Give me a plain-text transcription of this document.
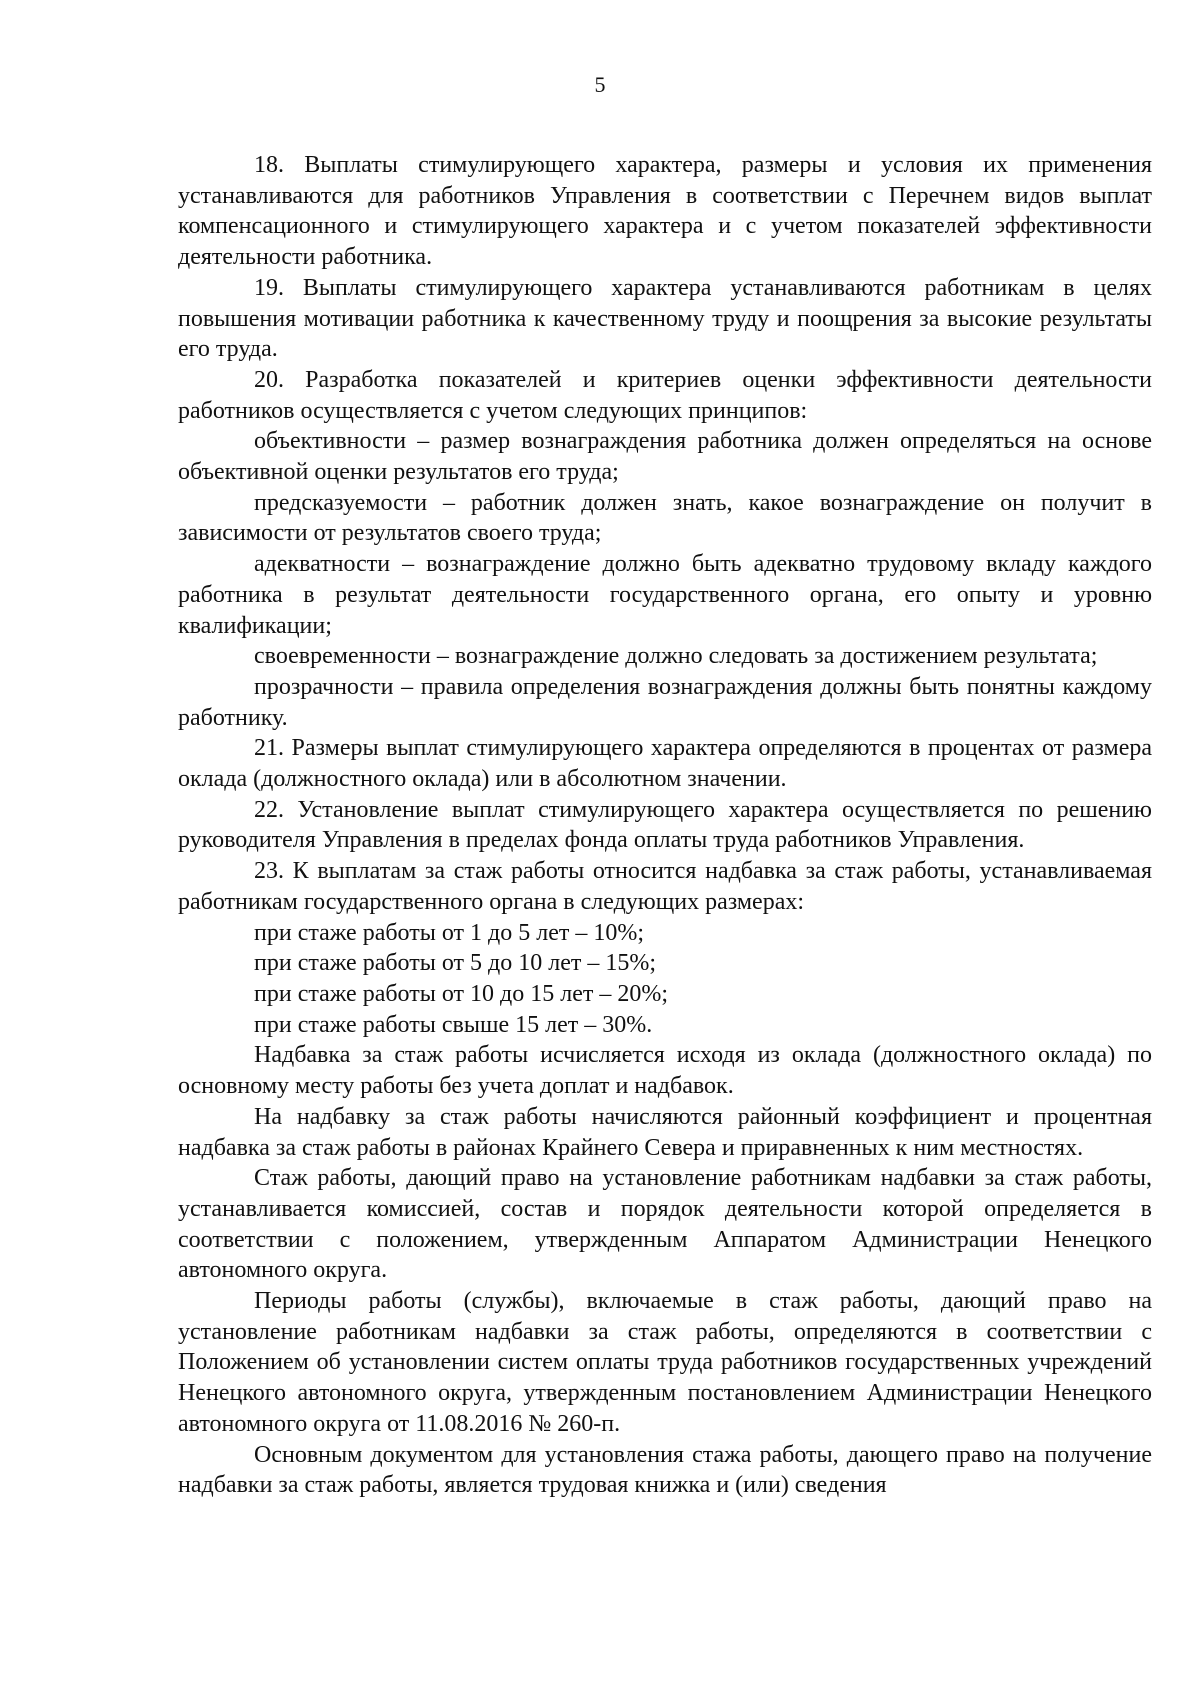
5

18. Выплаты стимулирующего характера, размеры и условия их применения устанавливаются для работников Управления в соответствии с Перечнем видов выплат компенсационного и стимулирующего характера и с учетом показателей эффективности деятельности работника.

19. Выплаты стимулирующего характера устанавливаются работникам в целях повышения мотивации работника к качественному труду и поощрения за высокие результаты его труда.

20. Разработка показателей и критериев оценки эффективности деятельности работников осуществляется с учетом следующих принципов:

объективности – размер вознаграждения работника должен определяться на основе объективной оценки результатов его труда;

предсказуемости – работник должен знать, какое вознаграждение он получит в зависимости от результатов своего труда;

адекватности – вознаграждение должно быть адекватно трудовому вкладу каждого работника в результат деятельности государственного органа, его опыту и уровню квалификации;

своевременности – вознаграждение должно следовать за достижением результата;

прозрачности – правила определения вознаграждения должны быть понятны каждому работнику.

21. Размеры выплат стимулирующего характера определяются в процентах от размера оклада (должностного оклада) или в абсолютном значении.

22. Установление выплат стимулирующего характера осуществляется по решению руководителя Управления в пределах фонда оплаты труда работников Управления.

23. К выплатам за стаж работы относится надбавка за стаж работы, устанавливаемая работникам государственного органа в следующих размерах:

при стаже работы от 1 до 5 лет – 10%;

при стаже работы от 5 до 10 лет – 15%;

при стаже работы от 10 до 15 лет – 20%;

при стаже работы свыше 15 лет – 30%.

Надбавка за стаж работы исчисляется исходя из оклада (должностного оклада) по основному месту работы без учета доплат и надбавок.

На надбавку за стаж работы начисляются районный коэффициент и процентная надбавка за стаж работы в районах Крайнего Севера и приравненных к ним местностях.

Стаж работы, дающий право на установление работникам надбавки за стаж работы, устанавливается комиссией, состав и порядок деятельности которой определяется в соответствии с положением, утвержденным Аппаратом Администрации Ненецкого автономного округа.

Периоды работы (службы), включаемые в стаж работы, дающий право на установление работникам надбавки за стаж работы, определяются в соответствии с Положением об установлении систем оплаты труда работников государственных учреждений Ненецкого автономного округа, утвержденным постановлением Администрации Ненецкого автономного округа от 11.08.2016 № 260-п.

Основным документом для установления стажа работы, дающего право на получение надбавки за стаж работы, является трудовая книжка и (или) сведения
